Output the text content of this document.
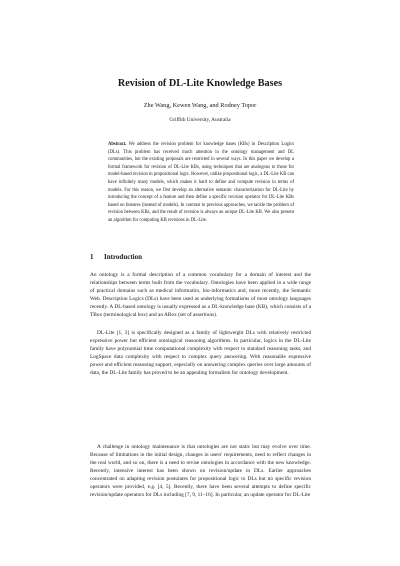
Revision of DL-Lite Knowledge Bases
Zhe Wang, Kewen Wang, and Rodney Topor
Griffith University, Australia

Abstract. We address the revision problem for knowledge bases (KBs) in Description Logics (DLs). This problem has received much attention in the ontology management and DL communities, but the existing proposals are restricted in several ways. In this paper we develop a formal framework for revision of DL-Lite KBs, using techniques that are analogous to those for model-based revision in propositional logic. However, unlike propositional logic, a DL-Lite KB can have infinitely many models, which makes it hard to define and compute revision in terms of models. For this reason, we first develop an alternative semantic characterization for DL-Lite by introducing the concept of a feature and then define a specific revision operator for DL-Lite KBs based on features (instead of models). In contrast to previous approaches, we tackle the problem of revision between KBs, and the result of revision is always an unique DL-Lite KB. We also present an algorithm for computing KB revisions in DL-Lite.

1 Introduction

An ontology is a formal description of a common vocabulary for a domain of interest and the relationships between terms built from the vocabulary. Ontologies have been applied in a wide range of practical domains such as medical informatics, bio-informatics and, more recently, the Semantic Web. Description Logics (DLs) have been used as underlying formalisms of most ontology languages recently. A DL-based ontology is usually expressed as a DL-knowledge base (KB), which consists of a TBox (terminological box) and an ABox (set of assertions).

DL-Lite [1, 3] is specifically designed as a family of lightweight DLs with relatively restricted expressive power but efficient ontological reasoning algorithms. In particular, logics in the DL-Lite family have polynomial time computational complexity with respect to standard reasoning tasks, and LogSpace data complexity with respect to complex query answering. With reasonable expressive power and efficient reasoning support, especially on answering complex queries over large amounts of data, the DL-Lite family has proved to be an appealing formalism for ontology development.

A challenge in ontology maintenance is that ontologies are not static but may evolve over time. Because of limitations in the initial design, changes in users' requirements, need to reflect changes in the real world, and so on, there is a need to revise ontologies in accordance with the new knowledge. Recently, intensive interest has been shown on revision/update in DLs. Earlier approaches concentrated on adapting revision postulates for propositional logic to DLs but no specific revision operators were provided, e.g. [4, 5]. Recently, there have been several attempts to define specific revision/update operators for DLs including [7, 9, 11–16]. In particular, an update operator for DL-Lite
